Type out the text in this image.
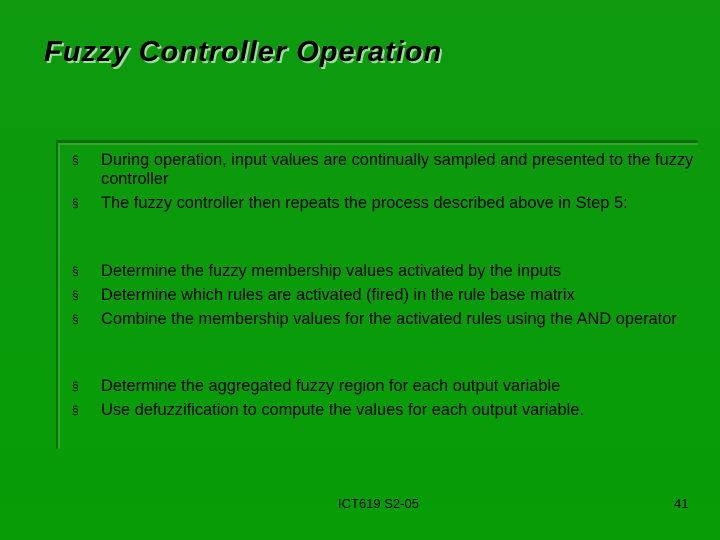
Fuzzy Controller Operation
§ During operation, input values are continually sampled and presented to the fuzzy controller
§ The fuzzy controller then repeats the process described above in Step 5:
§ Determine the fuzzy membership values activated by the inputs
§ Determine which rules are activated (fired) in the rule base matrix
§ Combine the membership values for the activated rules using the AND operator
§ Determine the aggregated fuzzy region for each output variable
§ Use defuzzification to compute the values for each output variable.
ICT619 S2-05	41
